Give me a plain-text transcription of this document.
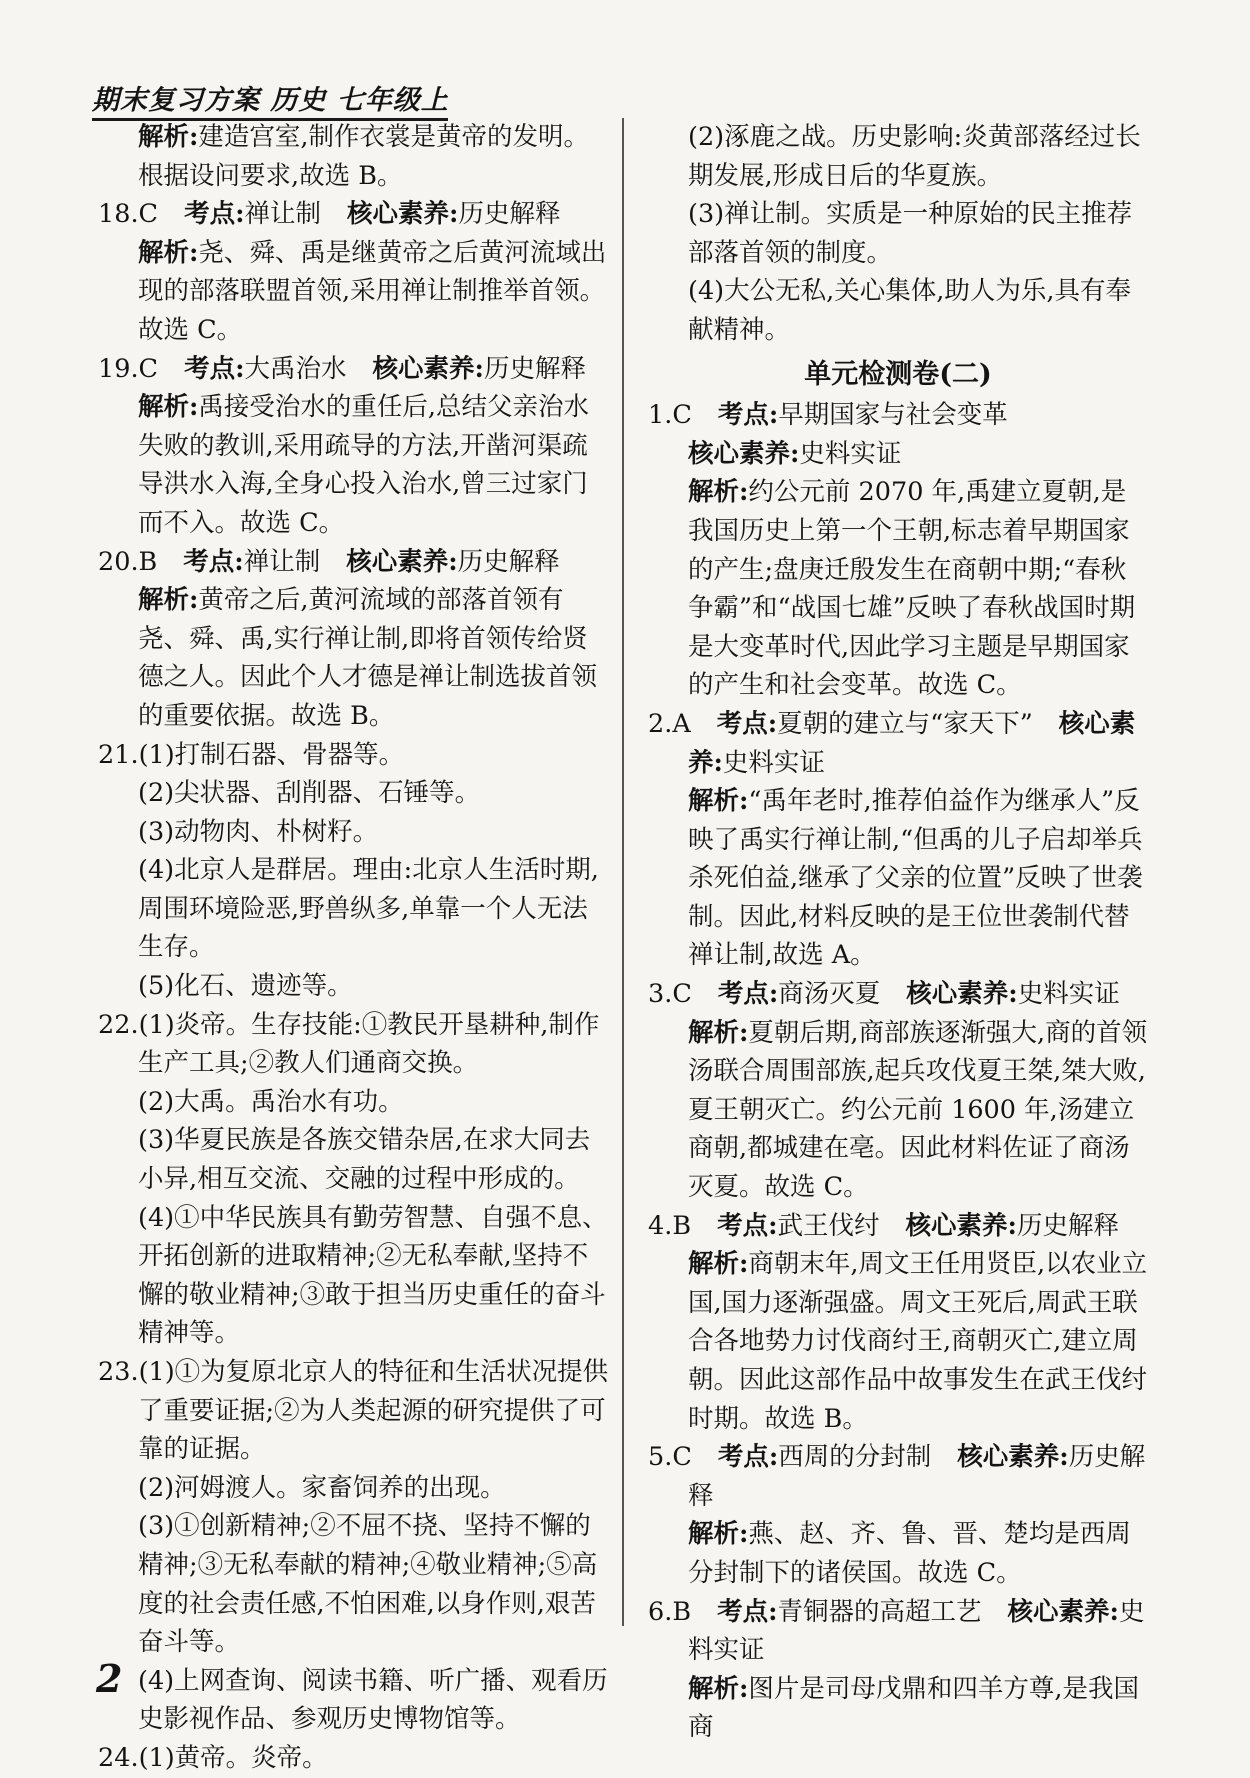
期末复习方案 历史 七年级上

解析:建造宫室,制作衣裳是黄帝的发明。根据设问要求,故选 B。

18.C 考点:禅让制 核心素养:历史解释

解析:尧、舜、禹是继黄帝之后黄河流域出现的部落联盟首领,采用禅让制推举首领。故选 C。

19.C 考点:大禹治水 核心素养:历史解释

解析:禹接受治水的重任后,总结父亲治水失败的教训,采用疏导的方法,开凿河渠疏导洪水入海,全身心投入治水,曾三过家门而不入。故选 C。

20.B 考点:禅让制 核心素养:历史解释

解析:黄帝之后,黄河流域的部落首领有尧、舜、禹,实行禅让制,即将首领传给贤德之人。因此个人才德是禅让制选拔首领的重要依据。故选 B。

21.(1)打制石器、骨器等。

(2)尖状器、刮削器、石锤等。

(3)动物肉、朴树籽。

(4)北京人是群居。理由:北京人生活时期,周围环境险恶,野兽纵多,单靠一个人无法生存。

(5)化石、遗迹等。

22.(1)炎帝。生存技能:①教民开垦耕种,制作生产工具;②教人们通商交换。

(2)大禹。禹治水有功。

(3)华夏民族是各族交错杂居,在求大同去小异,相互交流、交融的过程中形成的。

(4)①中华民族具有勤劳智慧、自强不息、开拓创新的进取精神;②无私奉献,坚持不懈的敬业精神;③敢于担当历史重任的奋斗精神等。

23.(1)①为复原北京人的特征和生活状况提供了重要证据;②为人类起源的研究提供了可靠的证据。

(2)河姆渡人。家畜饲养的出现。

(3)①创新精神;②不屈不挠、坚持不懈的精神;③无私奉献的精神;④敬业精神;⑤高度的社会责任感,不怕困难,以身作则,艰苦奋斗等。

(4)上网查询、阅读书籍、听广播、观看历史影视作品、参观历史博物馆等。

24.(1)黄帝。炎帝。

(2)涿鹿之战。历史影响:炎黄部落经过长期发展,形成日后的华夏族。

(3)禅让制。实质是一种原始的民主推荐部落首领的制度。

(4)大公无私,关心集体,助人为乐,具有奉献精神。

单元检测卷(二)

1.C 考点:早期国家与社会变革

核心素养:史料实证

解析:约公元前 2070 年,禹建立夏朝,是我国历史上第一个王朝,标志着早期国家的产生;盘庚迁殷发生在商朝中期;“春秋争霸”和“战国七雄”反映了春秋战国时期是大变革时代,因此学习主题是早期国家的产生和社会变革。故选 C。

2.A 考点:夏朝的建立与“家天下” 核心素养:史料实证

解析:“禹年老时,推荐伯益作为继承人”反映了禹实行禅让制,“但禹的儿子启却举兵杀死伯益,继承了父亲的位置”反映了世袭制。因此,材料反映的是王位世袭制代替禅让制,故选 A。

3.C 考点:商汤灭夏 核心素养:史料实证

解析:夏朝后期,商部族逐渐强大,商的首领汤联合周围部族,起兵攻伐夏王桀,桀大败,夏王朝灭亡。约公元前 1600 年,汤建立商朝,都城建在亳。因此材料佐证了商汤灭夏。故选 C。

4.B 考点:武王伐纣 核心素养:历史解释

解析:商朝末年,周文王任用贤臣,以农业立国,国力逐渐强盛。周文王死后,周武王联合各地势力讨伐商纣王,商朝灭亡,建立周朝。因此这部作品中故事发生在武王伐纣时期。故选 B。

5.C 考点:西周的分封制 核心素养:历史解释

解析:燕、赵、齐、鲁、晋、楚均是西周分封制下的诸侯国。故选 C。

6.B 考点:青铜器的高超工艺 核心素养:史料实证

解析:图片是司母戊鼎和四羊方尊,是我国商

2
